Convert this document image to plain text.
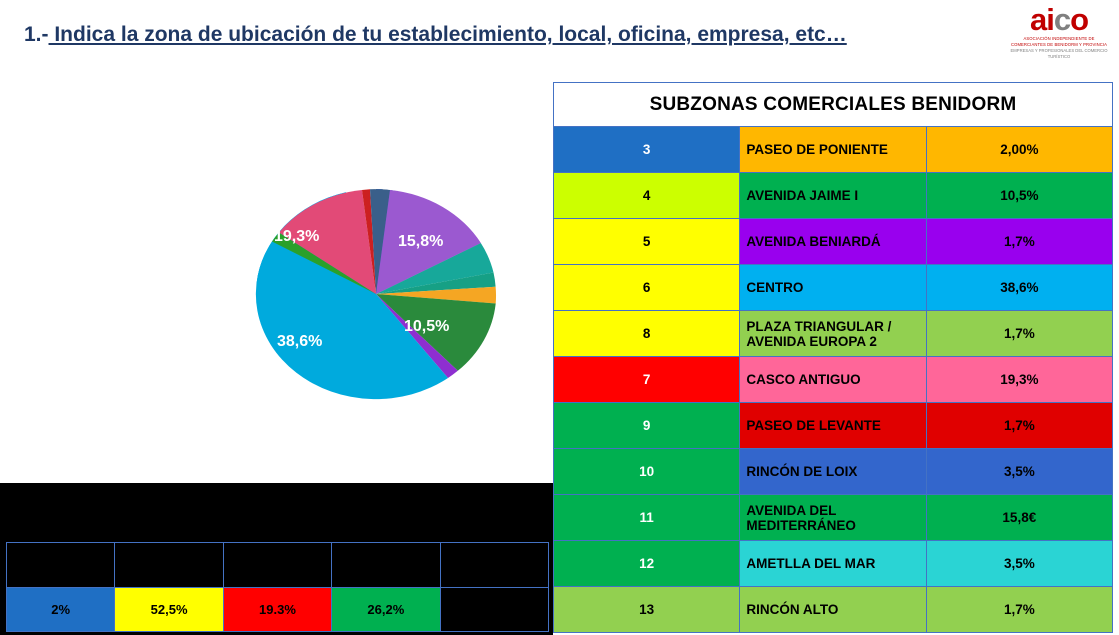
1.- Indica la zona de ubicación de tu establecimiento, local, oficina, empresa, etc…	aico
ASOCIACIÓN INDEPENDIENTE DE COMERCIANTES DE BENIDORM Y PROVINCIA
EMPRESAS Y PROFESIONALES DEL COMERCIO TURÍSTICO
15,8%
19,3%
38,6%
10,5%

2%	52,5%	19.3%	26,2%	
SUBZONAS COMERCIALES BENIDORM		
3	PASEO DE PONIENTE	2,00%
4	AVENIDA JAIME I	10,5%
5	AVENIDA BENIARDÁ	1,7%
6	CENTRO	38,6%
8	PLAZA TRIANGULAR / AVENIDA EUROPA 2	1,7%
7	CASCO ANTIGUO	19,3%
9	PASEO DE LEVANTE	1,7%
10	RINCÓN DE LOIX	3,5%
11	AVENIDA DEL MEDITERRÁNEO	15,8€
12	AMETLLA DEL MAR	3,5%
13	RINCÓN ALTO	1,7%
